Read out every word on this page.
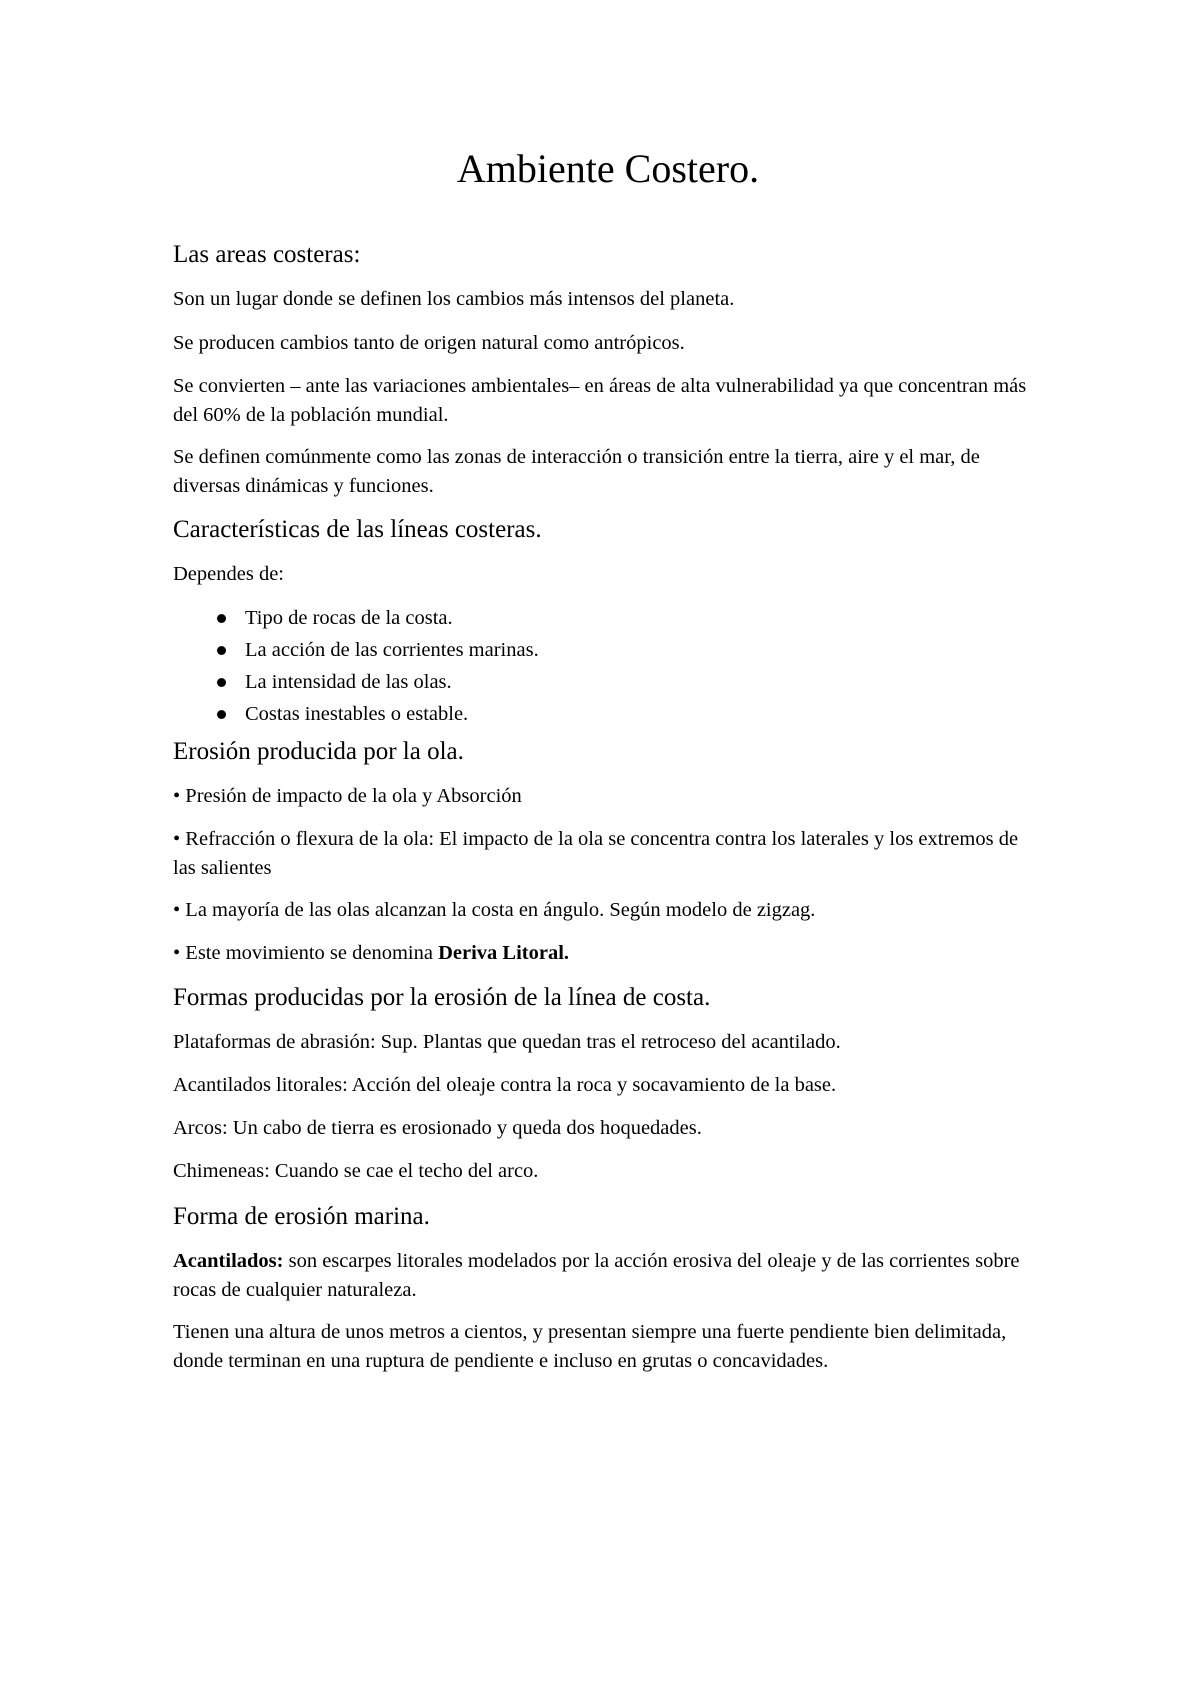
Ambiente Costero.
Las areas costeras:

Son un lugar donde se definen los cambios más intensos del planeta.

Se producen cambios tanto de origen natural como antrópicos.

Se convierten – ante las variaciones ambientales– en áreas de alta vulnerabilidad ya que concentran más del 60% de la población mundial.

Se definen comúnmente como las zonas de interacción o transición entre la tierra, aire y el mar, de diversas dinámicas y funciones.

Características de las líneas costeras.

Dependes de:

Tipo de rocas de la costa.
La acción de las corrientes marinas.
La intensidad de las olas.
Costas inestables o estable.
Erosión producida por la ola.

• Presión de impacto de la ola y Absorción

• Refracción o flexura de la ola: El impacto de la ola se concentra contra los laterales y los extremos de las salientes

• La mayoría de las olas alcanzan la costa en ángulo. Según modelo de zigzag.

• Este movimiento se denomina Deriva Litoral.

Formas producidas por la erosión de la línea de costa.

Plataformas de abrasión: Sup. Plantas que quedan tras el retroceso del acantilado.

Acantilados litorales: Acción del oleaje contra la roca y socavamiento de la base.

Arcos: Un cabo de tierra es erosionado y queda dos hoquedades.

Chimeneas: Cuando se cae el techo del arco.

Forma de erosión marina.

Acantilados: son escarpes litorales modelados por la acción erosiva del oleaje y de las corrientes sobre rocas de cualquier naturaleza.

Tienen una altura de unos metros a cientos, y presentan siempre una fuerte pendiente bien delimitada, donde terminan en una ruptura de pendiente e incluso en grutas o concavidades.
